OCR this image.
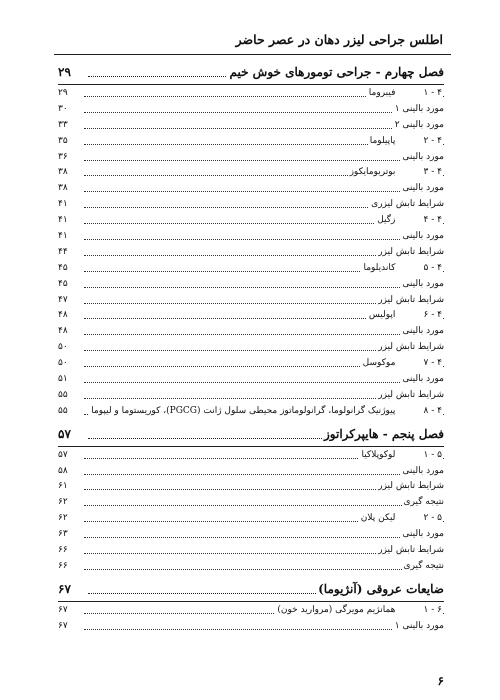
اطلس جراحی لیزر دهان در عصر حاضر
فصل چهارم - جراحی تومورهای خوش خیم
۲۹
۴ - ۱   فیبروما
۲۹
مورد بالینی ۱
۳۰
مورد بالینی ۲
۳۳
۴ - ۲   پاپیلوما
۳۵
مورد بالینی
۳۶
۴ - ۳   بوتریومایکوز
۳۸
مورد بالینی
۳۸
شرایط تابش لیزری
۴۱
۴ - ۴   زگیل
۴۱
مورد بالینی
۴۱
شرایط تابش لیزر
۴۴
۴ - ۵   کاندیلوما
۴۵
مورد بالینی
۴۵
شرایط تابش لیزر
۴۷
۴ - ۶   اپولیس
۴۸
مورد بالینی
۴۸
شرایط تابش لیزر
۵۰
۴ - ۷   موکوسل
۵۰
مورد بالینی
۵۱
شرایط تابش لیزر
۵۵
۴ - ۸   پیوژنیک گرانولوما، گرانولوماتوز محیطی سلول ژانت (PGCG)، کوریستوما و لیپوما
۵۵
فصل پنجم - هایپرکراتوز
۵۷
۵ - ۱   لوکوپلاکیا
۵۷
مورد بالینی
۵۸
شرایط تابش لیزر
۶۱
نتیجه گیری
۶۲
۵ - ۲   لیکن پلان
۶۲
مورد بالینی
۶۳
شرایط تابش لیزر
۶۶
نتیجه گیری
۶۶
ضایعات عروقی (آنژیوما)
۶۷
۶ - ۱   همانژیم مویرگی (مروارید خون)
۶۷
مورد بالینی ۱
۶۷
۶
